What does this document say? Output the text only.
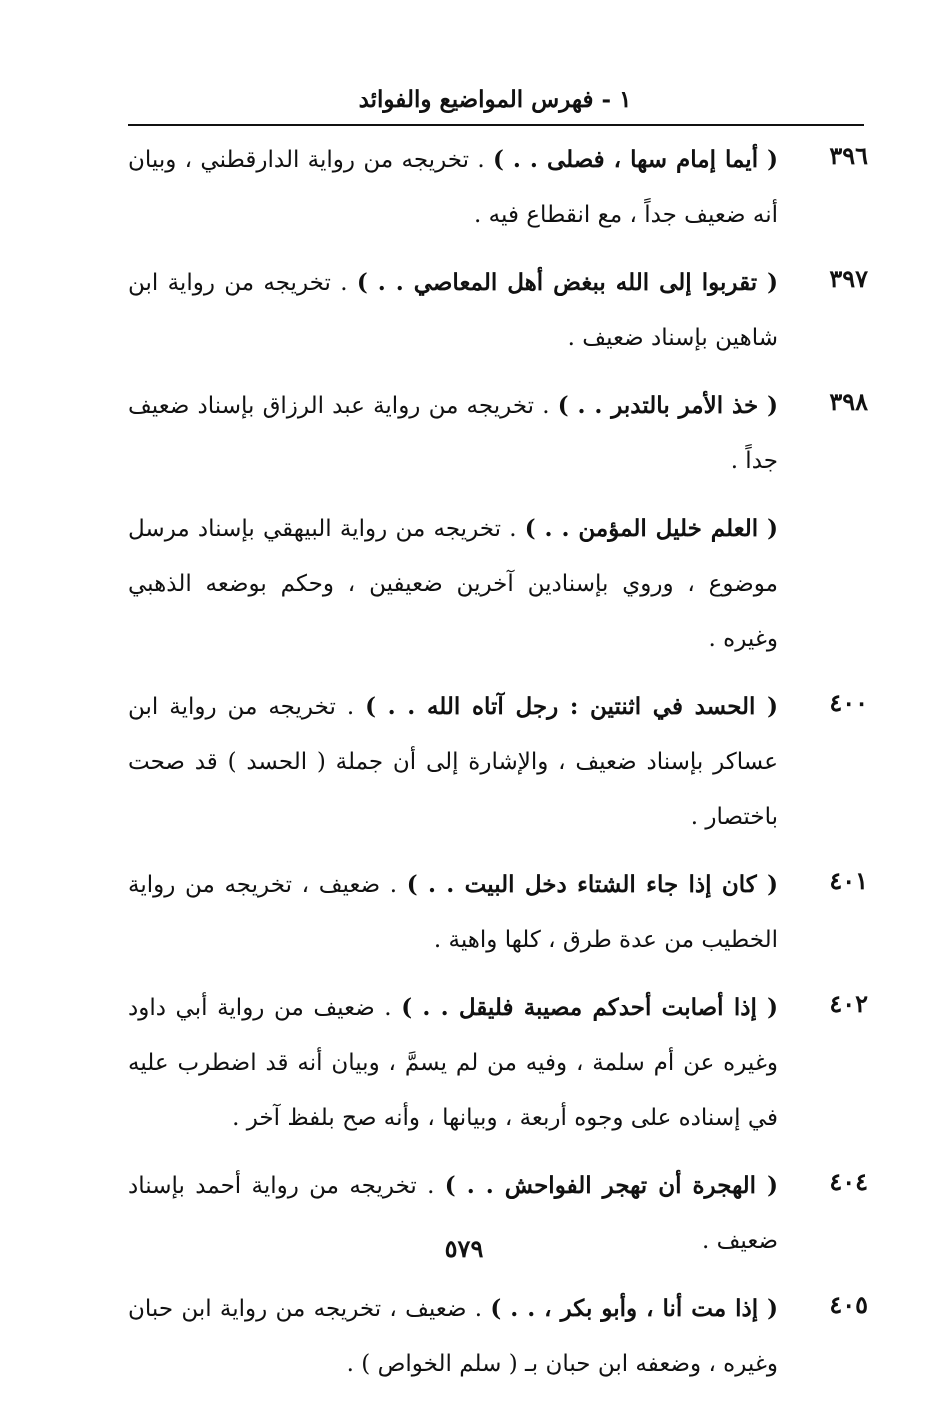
١ - فهرس المواضيع والفوائد
٣٩٦
( أيما إمام سها ، فصلى . . ) . تخريجه من رواية الدارقطني ، وبيان أنه ضعيف جداً ، مع انقطاع فيه .
٣٩٧
( تقربوا إلى الله ببغض أهل المعاصي . . ) . تخريجه من رواية ابن شاهين بإسناد ضعيف .
٣٩٨
( خذ الأمر بالتدبر . . ) . تخريجه من رواية عبد الرزاق بإسناد ضعيف جداً .
( العلم خليل المؤمن . . ) . تخريجه من رواية البيهقي بإسناد مرسل موضوع ، وروي بإسنادين آخرين ضعيفين ، وحكم بوضعه الذهبي وغيره .
٤٠٠
( الحسد في اثنتين : رجل آتاه الله . . ) . تخريجه من رواية ابن عساكر بإسناد ضعيف ، والإشارة إلى أن جملة ( الحسد ) قد صحت باختصار .
٤٠١
( كان إذا جاء الشتاء دخل البيت . . ) . ضعيف ، تخريجه من رواية الخطيب من عدة طرق ، كلها واهية .
٤٠٢
( إذا أصابت أحدكم مصيبة فليقل . . ) . ضعيف من رواية أبي داود وغيره عن أم سلمة ، وفيه من لم يسمَّ ، وبيان أنه قد اضطرب عليه في إسناده على وجوه أربعة ، وبيانها ، وأنه صح بلفظ آخر .
٤٠٤
( الهجرة أن تهجر الفواحش . . ) . تخريجه من رواية أحمد بإسناد ضعيف .
٤٠٥
( إذا مت أنا ، وأبو بكر ، . . ) . ضعيف ، تخريجه من رواية ابن حبان وغيره ، وضعفه ابن حبان بـ ( سلم الخواص ) .
٥٧٩
